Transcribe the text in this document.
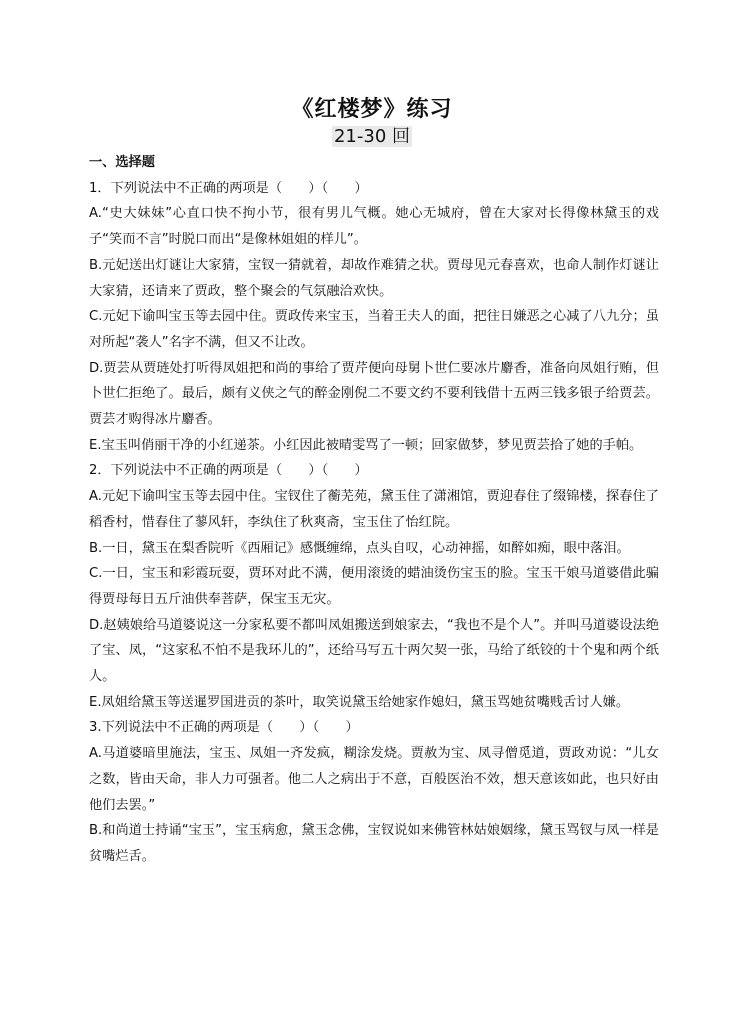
《红楼梦》练习
21-30 回
一、选择题
1．下列说法中不正确的两项是（　　）（　　）
A.“史大妹妹”心直口快不拘小节，很有男儿气概。她心无城府，曾在大家对长得像林黛玉的戏子“笑而不言”时脱口而出“是像林姐姐的样儿”。
B.元妃送出灯谜让大家猜，宝钗一猜就着，却故作难猜之状。贾母见元春喜欢，也命人制作灯谜让大家猜，还请来了贾政，整个聚会的气氛融洽欢快。
C.元妃下谕叫宝玉等去园中住。贾政传来宝玉，当着王夫人的面，把往日嫌恶之心减了八九分；虽对所起“袭人”名字不满，但又不让改。
D.贾芸从贾琏处打听得凤姐把和尚的事给了贾芹便向母舅卜世仁要冰片麝香，准备向凤姐行贿，但卜世仁拒绝了。最后，颇有义侠之气的醉金刚倪二不要文约不要利钱借十五两三钱多银子给贾芸。贾芸才购得冰片麝香。
E.宝玉叫俏丽干净的小红递茶。小红因此被晴雯骂了一顿；回家做梦，梦见贾芸拾了她的手帕。
2．下列说法中不正确的两项是（　　）（　　）
A.元妃下谕叫宝玉等去园中住。宝钗住了蘅芜苑，黛玉住了潇湘馆，贾迎春住了缀锦楼，探春住了稻香村，惜春住了蓼风轩，李纨住了秋爽斋，宝玉住了怡红院。
B.一日，黛玉在梨香院听《西厢记》感慨缠绵，点头自叹，心动神摇，如醉如痴，眼中落泪。
C.一日，宝玉和彩霞玩耍，贾环对此不满，便用滚烫的蜡油烫伤宝玉的脸。宝玉干娘马道婆借此骗得贾母每日五斤油供奉菩萨，保宝玉无灾。
D.赵姨娘给马道婆说这一分家私要不都叫凤姐搬送到娘家去，“我也不是个人”。并叫马道婆设法绝了宝、凤，“这家私不怕不是我环儿的”，还给马写五十两欠契一张，马给了纸铰的十个鬼和两个纸人。
E.凤姐给黛玉等送暹罗国进贡的茶叶，取笑说黛玉给她家作媳妇，黛玉骂她贫嘴贱舌讨人嫌。
3.下列说法中不正确的两项是（　　）（　　）
A.马道婆暗里施法，宝玉、凤姐一齐发疯，糊涂发烧。贾赦为宝、凤寻僧觅道，贾政劝说：“儿女之数，皆由天命，非人力可强者。他二人之病出于不意，百般医治不效，想天意该如此，也只好由他们去罢。”
B.和尚道士持诵“宝玉”，宝玉病愈，黛玉念佛，宝钗说如来佛管林姑娘姻缘，黛玉骂钗与凤一样是贫嘴烂舌。
